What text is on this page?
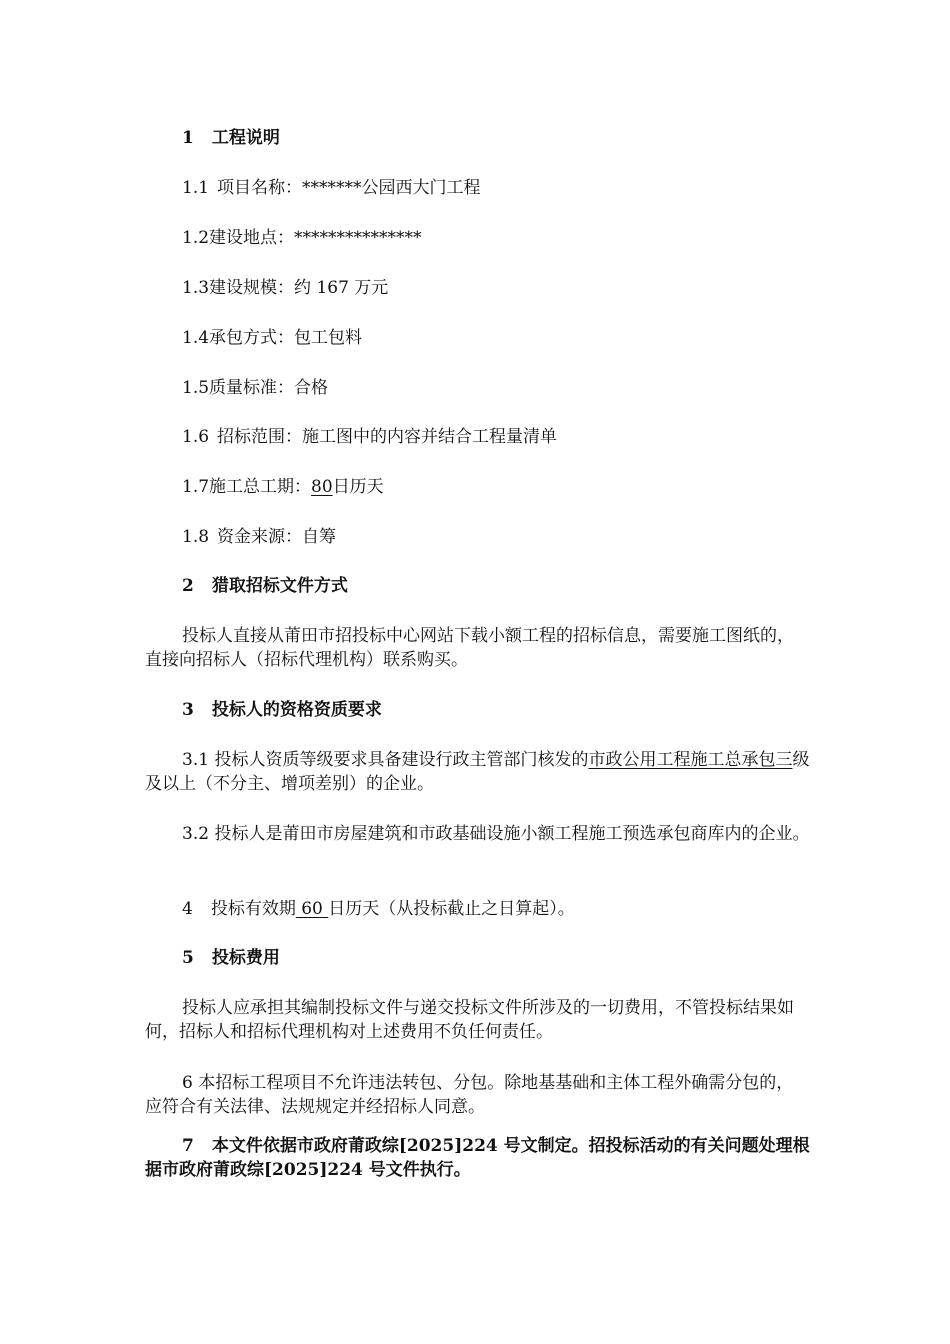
1 工程说明
1.1 项目名称：*******公园西大门工程
1.2建设地点：***************
1.3建设规模：约 167 万元
1.4承包方式：包工包料
1.5质量标准：合格
1.6 招标范围：施工图中的内容并结合工程量清单
1.7施工总工期：80日历天
1.8 资金来源：自筹
2 猎取招标文件方式
投标人直接从莆田市招投标中心网站下载小额工程的招标信息，需要施工图纸的，直接向招标人（招标代理机构）联系购买。
3 投标人的资格资质要求
3.1 投标人资质等级要求具备建设行政主管部门核发的市政公用工程施工总承包三级及以上（不分主、增项差别）的企业。
3.2 投标人是莆田市房屋建筑和市政基础设施小额工程施工预选承包商库内的企业。
4 投标有效期 60 日历天（从投标截止之日算起）。
5 投标费用
投标人应承担其编制投标文件与递交投标文件所涉及的一切费用，不管投标结果如何，招标人和招标代理机构对上述费用不负任何责任。
6 本招标工程项目不允许违法转包、分包。除地基基础和主体工程外确需分包的，应符合有关法律、法规规定并经招标人同意。
7 本文件依据市政府莆政综[2025]224 号文制定。招投标活动的有关问题处理根据市政府莆政综[2025]224 号文件执行。
